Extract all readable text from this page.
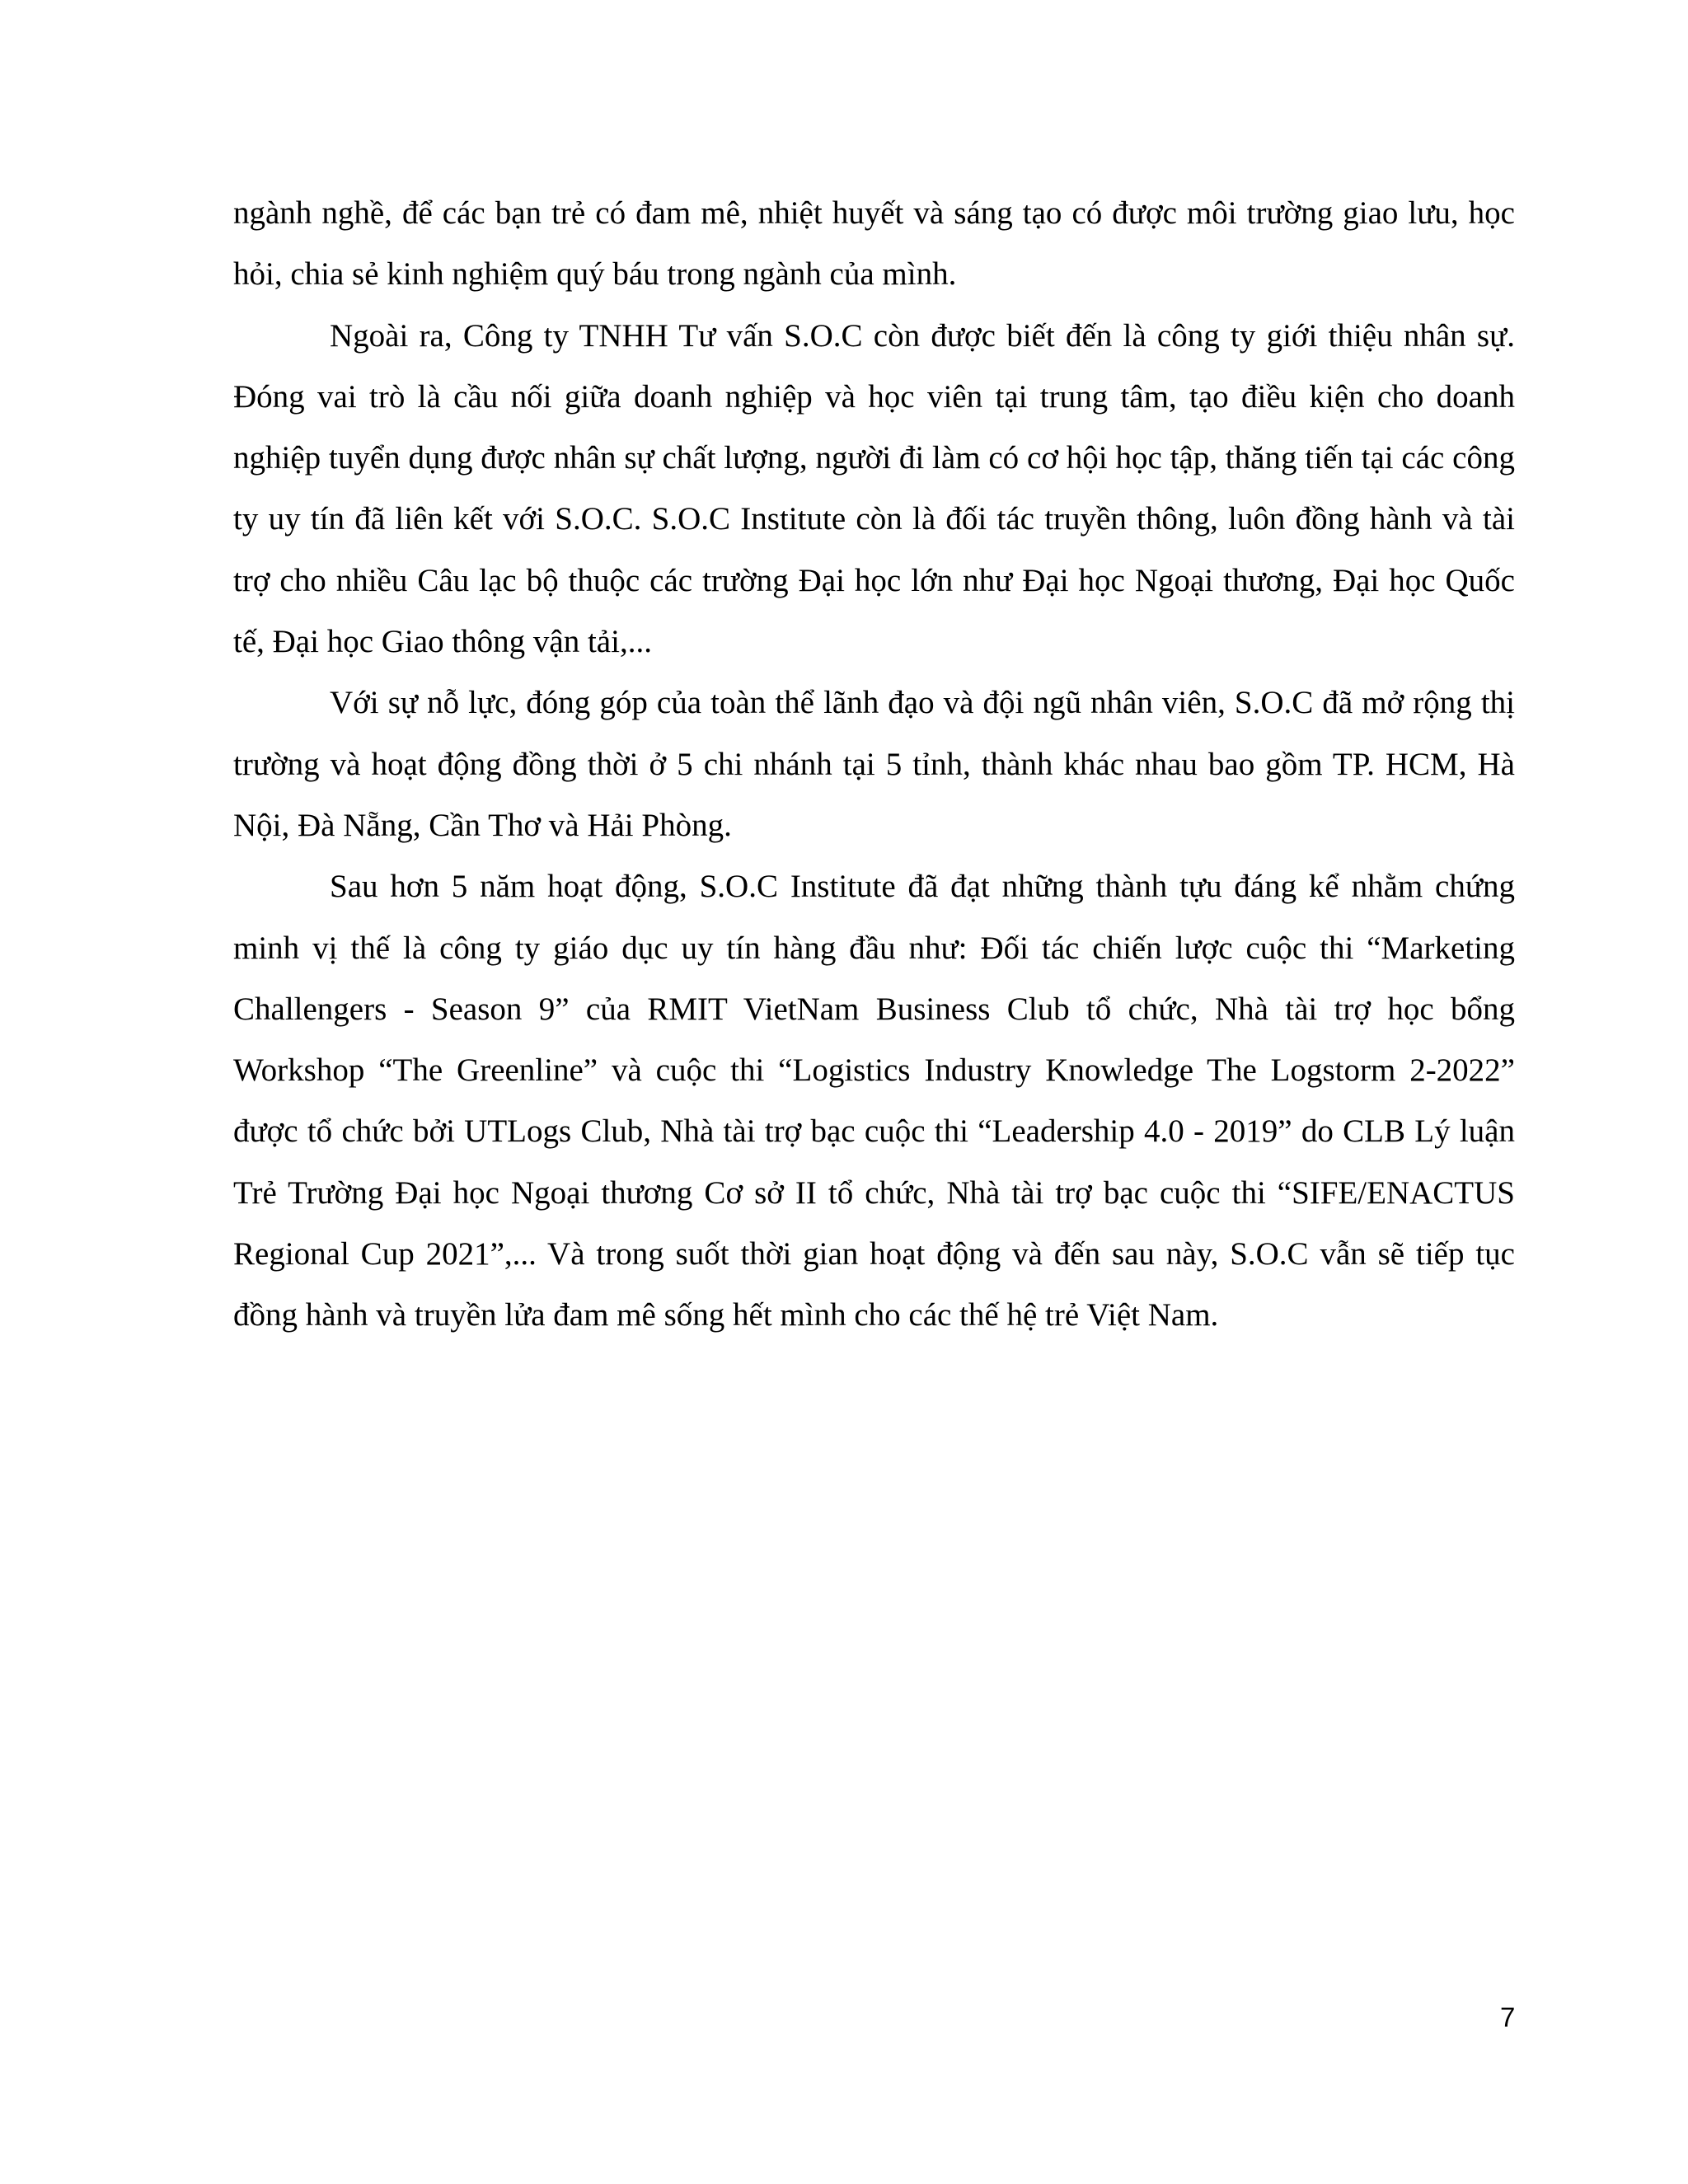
ngành nghề, để các bạn trẻ có đam mê, nhiệt huyết và sáng tạo có được môi trường giao lưu, học hỏi, chia sẻ kinh nghiệm quý báu trong ngành của mình.

Ngoài ra, Công ty TNHH Tư vấn S.O.C còn được biết đến là công ty giới thiệu nhân sự. Đóng vai trò là cầu nối giữa doanh nghiệp và học viên tại trung tâm, tạo điều kiện cho doanh nghiệp tuyển dụng được nhân sự chất lượng, người đi làm có cơ hội học tập, thăng tiến tại các công ty uy tín đã liên kết với S.O.C. S.O.C Institute còn là đối tác truyền thông, luôn đồng hành và tài trợ cho nhiều Câu lạc bộ thuộc các trường Đại học lớn như Đại học Ngoại thương, Đại học Quốc tế, Đại học Giao thông vận tải,...

Với sự nỗ lực, đóng góp của toàn thể lãnh đạo và đội ngũ nhân viên, S.O.C đã mở rộng thị trường và hoạt động đồng thời ở 5 chi nhánh tại 5 tỉnh, thành khác nhau bao gồm TP. HCM, Hà Nội, Đà Nẵng, Cần Thơ và Hải Phòng.

Sau hơn 5 năm hoạt động, S.O.C Institute đã đạt những thành tựu đáng kể nhằm chứng minh vị thế là công ty giáo dục uy tín hàng đầu như: Đối tác chiến lược cuộc thi “Marketing Challengers - Season 9” của RMIT VietNam Business Club tổ chức, Nhà tài trợ học bổng Workshop “The Greenline” và cuộc thi “Logistics Industry Knowledge The Logstorm 2-2022” được tổ chức bởi UTLogs Club, Nhà tài trợ bạc cuộc thi “Leadership 4.0 - 2019” do CLB Lý luận Trẻ Trường Đại học Ngoại thương Cơ sở II tổ chức, Nhà tài trợ bạc cuộc thi “SIFE/ENACTUS Regional Cup 2021”,... Và trong suốt thời gian hoạt động và đến sau này, S.O.C vẫn sẽ tiếp tục đồng hành và truyền lửa đam mê sống hết mình cho các thế hệ trẻ Việt Nam.

7
